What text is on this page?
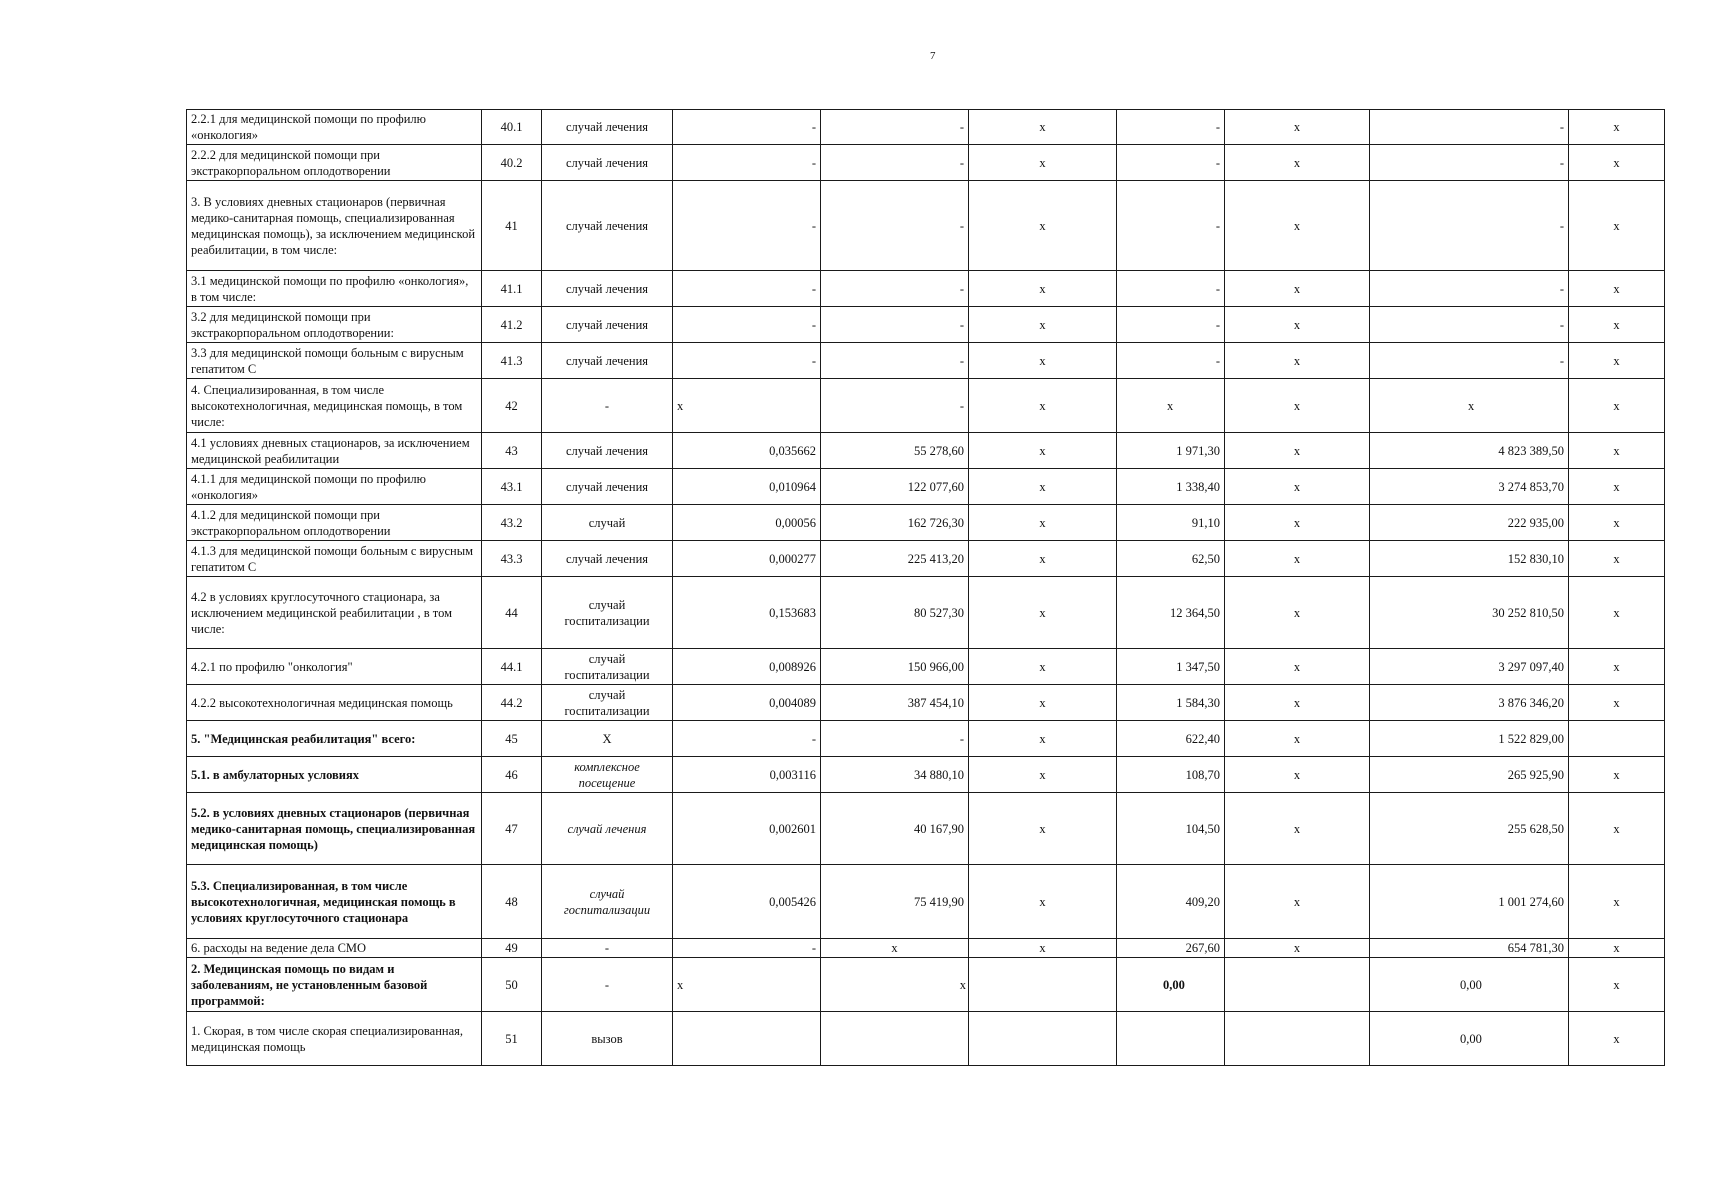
7
2.2.1 для медицинской помощи по профилю «онкология»	40.1	случай лечения	-	-	x	-	x	-	x
2.2.2 для медицинской помощи при экстракорпоральном оплодотворении	40.2	случай лечения	-	-	x	-	x	-	x
3. В условиях дневных стационаров (первичная медико-санитарная помощь, специализированная медицинская помощь), за исключением медицинской реабилитации, в том числе:	41	случай лечения	-	-	x	-	x	-	x
3.1 медицинской помощи по профилю «онкология», в том числе:	41.1	случай лечения	-	-	x	-	x	-	x
3.2 для медицинской помощи при экстракорпоральном оплодотворении:	41.2	случай лечения	-	-	x	-	x	-	x
3.3 для медицинской помощи больным с вирусным гепатитом С	41.3	случай лечения	-	-	x	-	x	-	x
4. Специализированная, в том числе высокотехнологичная, медицинская помощь, в том числе:	42	-	x	-	x	x	x	x	x
4.1 условиях дневных стационаров, за исключением медицинской реабилитации	43	случай лечения	0,035662	55 278,60	x	1 971,30	x	4 823 389,50	x
4.1.1 для медицинской помощи по профилю «онкология»	43.1	случай лечения	0,010964	122 077,60	x	1 338,40	x	3 274 853,70	x
4.1.2 для медицинской помощи при экстракорпоральном оплодотворении	43.2	случай	0,00056	162 726,30	x	91,10	x	222 935,00	x
4.1.3 для медицинской помощи больным с вирусным гепатитом С	43.3	случай лечения	0,000277	225 413,20	x	62,50	x	152 830,10	x
4.2 в условиях круглосуточного стационара, за исключением медицинской реабилитации , в том числе:	44	случай госпитализации	0,153683	80 527,30	x	12 364,50	x	30 252 810,50	x
4.2.1 по профилю "онкология"	44.1	случай госпитализации	0,008926	150 966,00	x	1 347,50	x	3 297 097,40	x
4.2.2 высокотехнологичная медицинская помощь	44.2	случай госпитализации	0,004089	387 454,10	x	1 584,30	x	3 876 346,20	x
5. "Медицинская реабилитация" всего:	45	X	-	-	x	622,40	x	1 522 829,00	
5.1. в амбулаторных условиях	46	комплексное посещение	0,003116	34 880,10	x	108,70	x	265 925,90	x
5.2. в условиях дневных стационаров (первичная медико-санитарная помощь, специализированная медицинская помощь)	47	случай лечения	0,002601	40 167,90	x	104,50	x	255 628,50	x
5.3. Специализированная, в том числе высокотехнологичная, медицинская помощь в условиях круглосуточного стационара	48	случай госпитализации	0,005426	75 419,90	x	409,20	x	1 001 274,60	x
6. расходы на ведение дела СМО	49	-	-	x	x	267,60	x	654 781,30	x
2. Медицинская помощь по видам и заболеваниям, не установленным базовой программой:	50	-	x	x		0,00		0,00	x
1. Скорая, в том числе скорая специализированная, медицинская помощь	51	вызов						0,00	x
